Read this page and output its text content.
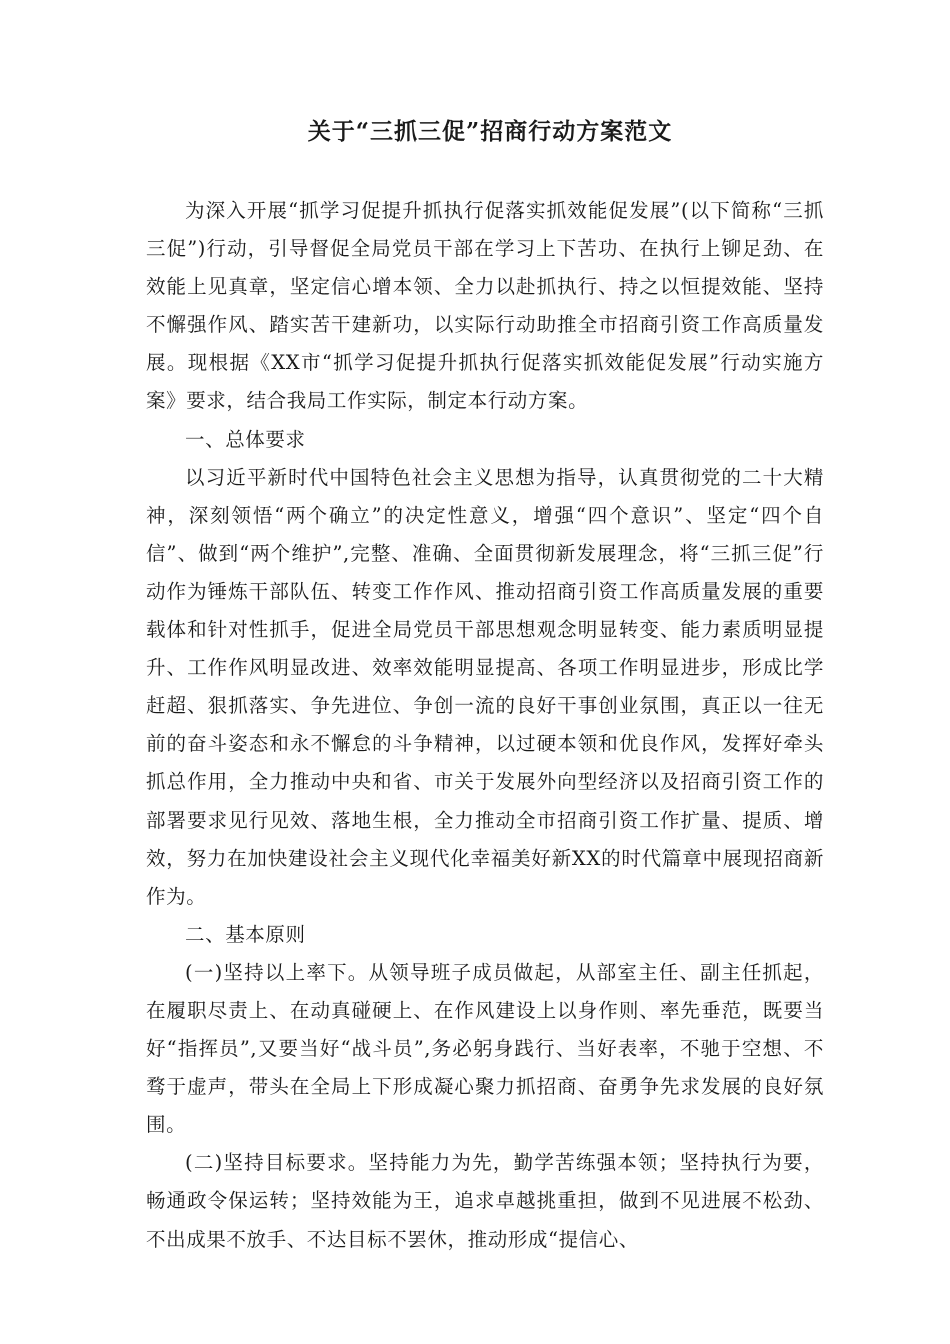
关于“三抓三促”招商行动方案范文

为深入开展“抓学习促提升抓执行促落实抓效能促发展”(以下简称“三抓三促”)行动，引导督促全局党员干部在学习上下苦功、在执行上铆足劲、在效能上见真章，坚定信心增本领、全力以赴抓执行、持之以恒提效能、坚持不懈强作风、踏实苦干建新功，以实际行动助推全市招商引资工作高质量发展。现根据《XX市“抓学习促提升抓执行促落实抓效能促发展”行动实施方案》要求，结合我局工作实际，制定本行动方案。

一、总体要求

以习近平新时代中国特色社会主义思想为指导，认真贯彻党的二十大精神，深刻领悟“两个确立”的决定性意义，增强“四个意识”、坚定“四个自信”、做到“两个维护”,完整、准确、全面贯彻新发展理念，将“三抓三促”行动作为锤炼干部队伍、转变工作作风、推动招商引资工作高质量发展的重要载体和针对性抓手，促进全局党员干部思想观念明显转变、能力素质明显提升、工作作风明显改进、效率效能明显提高、各项工作明显进步，形成比学赶超、狠抓落实、争先进位、争创一流的良好干事创业氛围，真正以一往无前的奋斗姿态和永不懈怠的斗争精神，以过硬本领和优良作风，发挥好牵头抓总作用，全力推动中央和省、市关于发展外向型经济以及招商引资工作的部署要求见行见效、落地生根，全力推动全市招商引资工作扩量、提质、增效，努力在加快建设社会主义现代化幸福美好新XX的时代篇章中展现招商新作为。

二、基本原则

(一)坚持以上率下。从领导班子成员做起，从部室主任、副主任抓起，在履职尽责上、在动真碰硬上、在作风建设上以身作则、率先垂范，既要当好“指挥员”,又要当好“战斗员”,务必躬身践行、当好表率，不驰于空想、不骛于虚声，带头在全局上下形成凝心聚力抓招商、奋勇争先求发展的良好氛围。

(二)坚持目标要求。坚持能力为先，勤学苦练强本领；坚持执行为要，畅通政令保运转；坚持效能为王，追求卓越挑重担，做到不见进展不松劲、不出成果不放手、不达目标不罢休，推动形成“提信心、
